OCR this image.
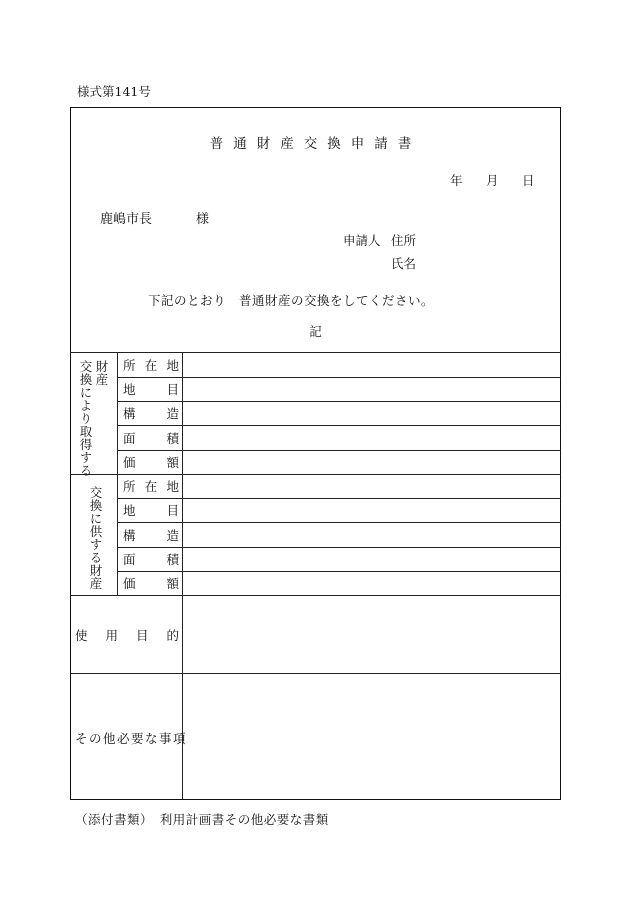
様式第141号
普通財産交換申請書
年 月 日
鹿嶋市長	様
申請人 住所
氏名
下記のとおり　普通財産の交換をしてください。
記
財産
交換により取得する 所 在 地
地 目
構 造
面 積
価 額
交換に供する財産 所 在 地
地 目
構 造
面 積
価 額
使 用 目 的
その他必要な事項
（添付書類）　利用計画書その他必要な書類
